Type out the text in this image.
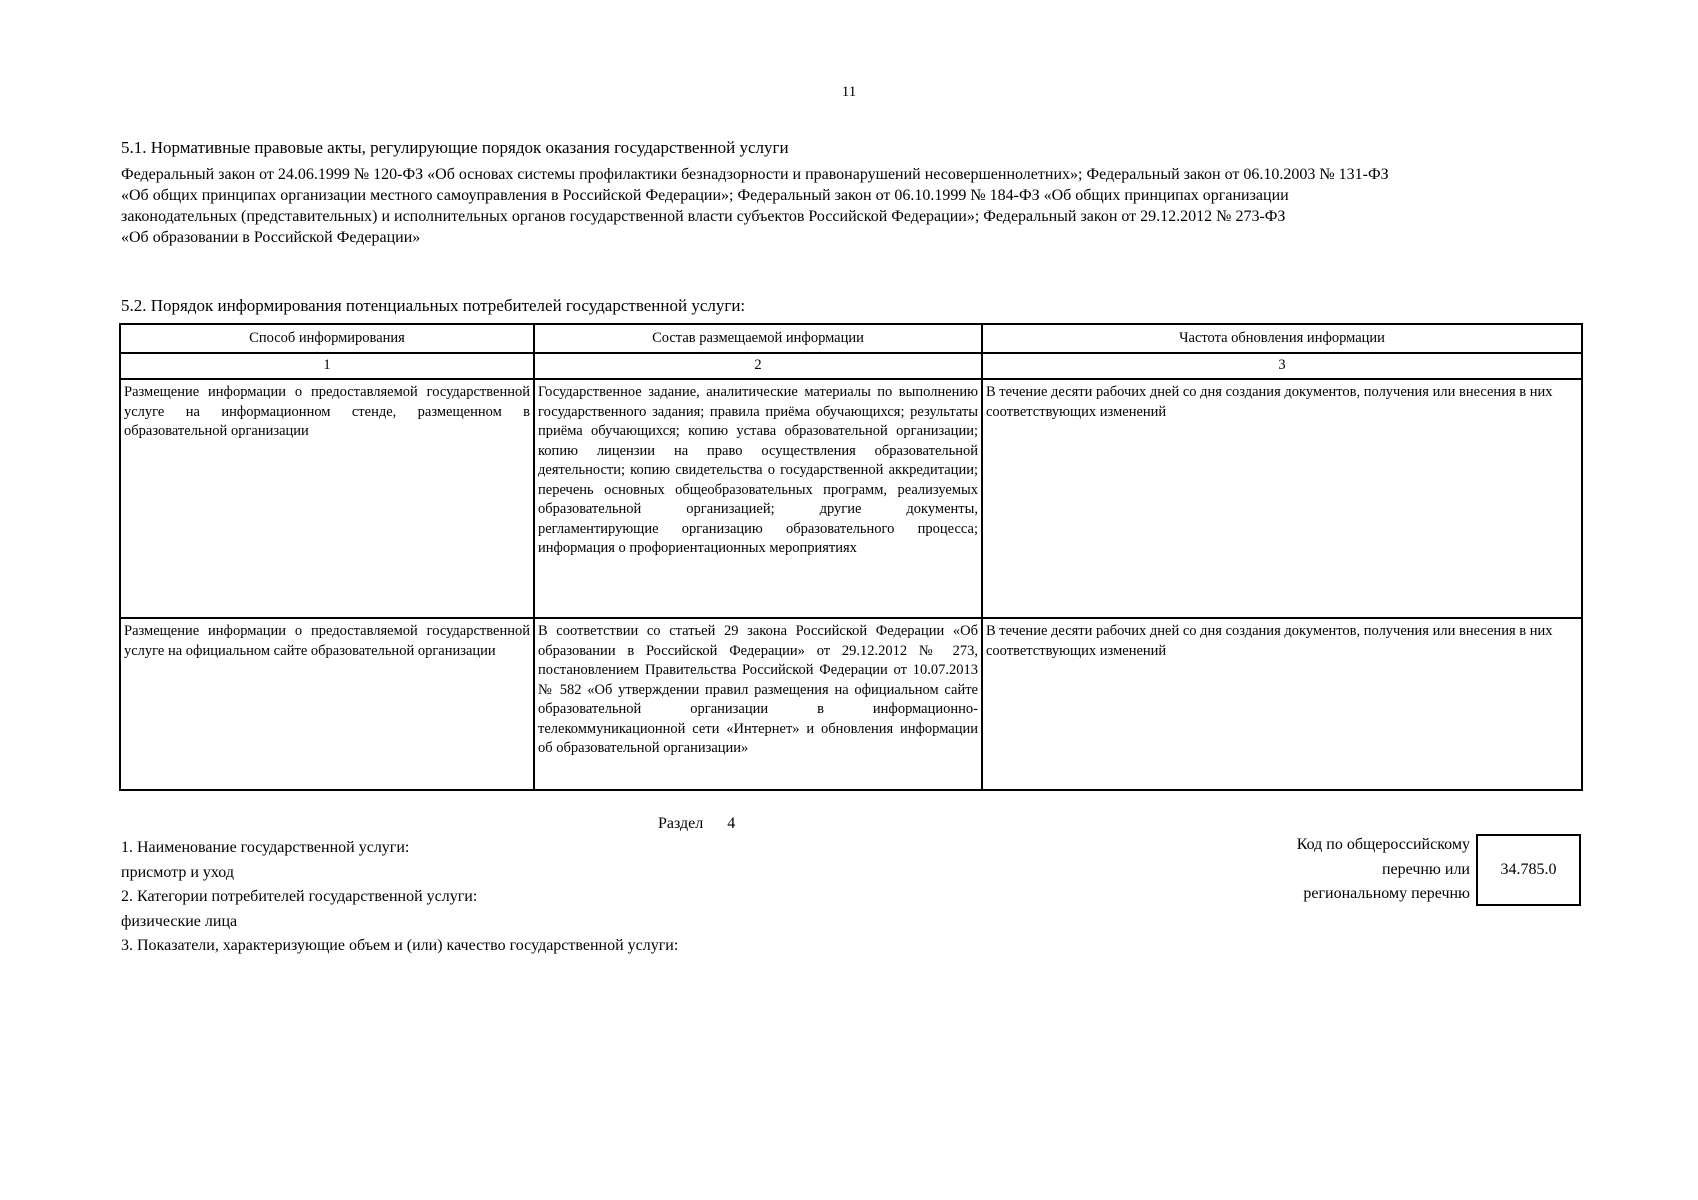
11
5.1. Нормативные правовые акты, регулирующие порядок оказания государственной услуги
Федеральный закон от 24.06.1999 № 120-ФЗ «Об основах системы профилактики безнадзорности и правонарушений несовершеннолетних»; Федеральный закон от 06.10.2003 № 131-ФЗ
«Об общих принципах организации местного самоуправления в Российской Федерации»; Федеральный закон от 06.10.1999 № 184-ФЗ «Об общих принципах организации
законодательных (представительных) и исполнительных органов государственной власти субъектов Российской Федерации»; Федеральный закон от 29.12.2012 № 273-ФЗ
«Об образовании в Российской Федерации»
5.2. Порядок информирования потенциальных потребителей государственной услуги:
Способ информирования	Состав размещаемой информации	Частота обновления информации
1	2	3
Размещение информации о предоставляемой государственной услуге на информационном стенде, размещенном в образовательной организации	Государственное задание, аналитические материалы по выполнению государственного задания; правила приёма обучающихся; результаты приёма обучающихся; копию устава образовательной организации; копию лицензии на право осуществления образовательной деятельности; копию свидетельства о государственной аккредитации; перечень основных общеобразовательных программ, реализуемых образовательной организацией; другие документы, регламентирующие организацию образовательного процесса; информация о профориентационных мероприятиях	В течение десяти рабочих дней со дня создания документов, получения или внесения в них соответствующих изменений
Размещение информации о предоставляемой государственной услуге на официальном сайте образовательной организации	В соответствии со статьей 29 закона Российской Федерации «Об образовании в Российской Федерации» от 29.12.2012 № 273, постановлением Правительства Российской Федерации от 10.07.2013 № 582 «Об утверждении правил размещения на официальном сайте образовательной организации в информационно-телекоммуникационной сети «Интернет» и обновления информации об образовательной организации»	В течение десяти рабочих дней со дня создания документов, получения или внесения в них соответствующих изменений
Раздел 4
1. Наименование государственной услуги:
присмотр и уход
2. Категории потребителей государственной услуги:
физические лица
3. Показатели, характеризующие объем и (или) качество государственной услуги:
Код по общероссийскому
перечню или
региональному перечню
34.785.0
